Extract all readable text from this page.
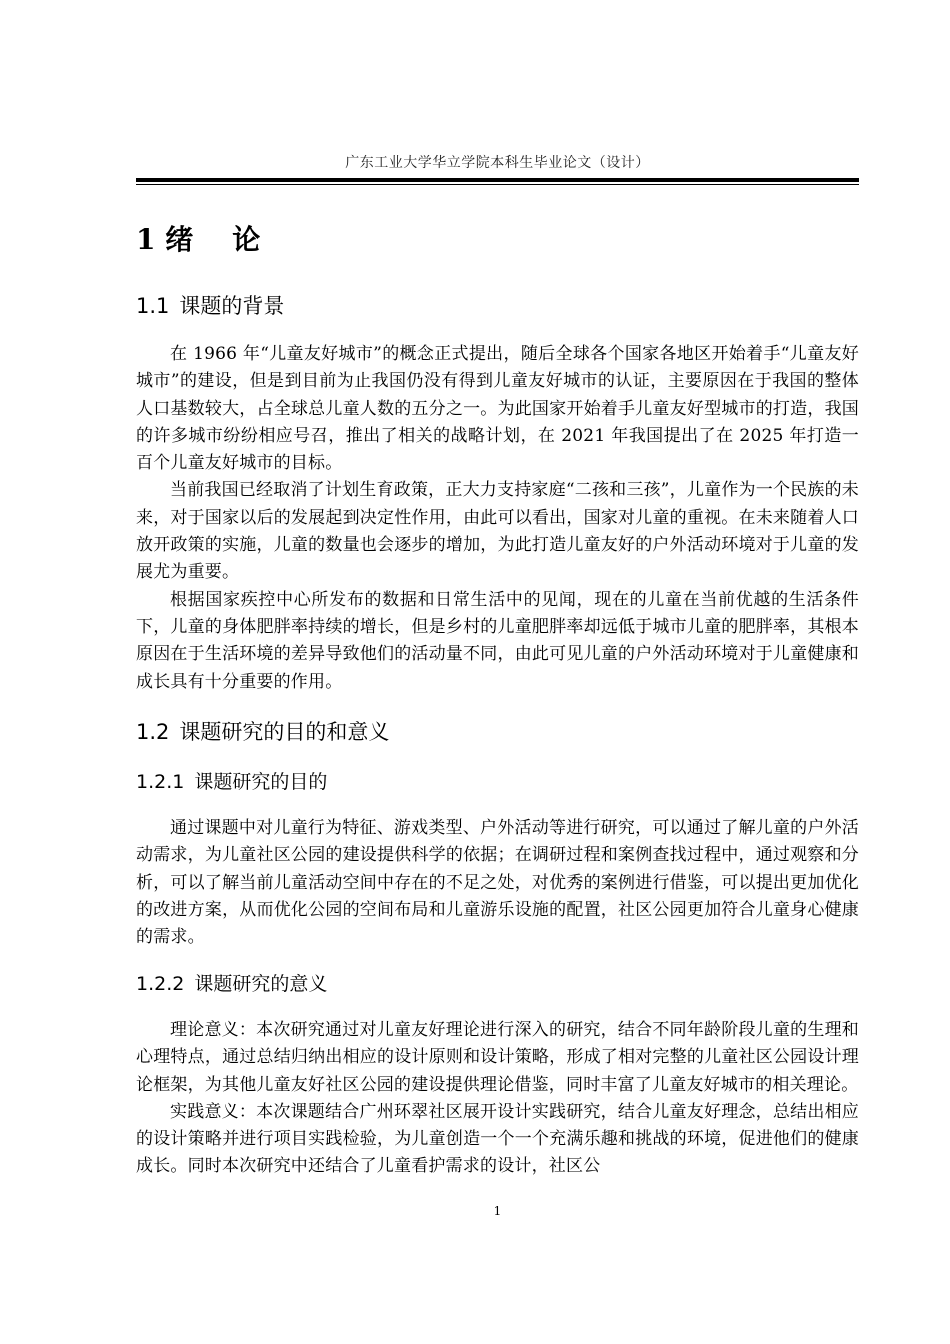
广东工业大学华立学院本科生毕业论文（设计）
1 绪    论
1.1 课题的背景

在 1966 年“儿童友好城市”的概念正式提出，随后全球各个国家各地区开始着手“儿童友好城市”的建设，但是到目前为止我国仍没有得到儿童友好城市的认证，主要原因在于我国的整体人口基数较大，占全球总儿童人数的五分之一。为此国家开始着手儿童友好型城市的打造，我国的许多城市纷纷相应号召，推出了相关的战略计划，在 2021 年我国提出了在 2025 年打造一百个儿童友好城市的目标。

当前我国已经取消了计划生育政策，正大力支持家庭“二孩和三孩”，儿童作为一个民族的未来，对于国家以后的发展起到决定性作用，由此可以看出，国家对儿童的重视。在未来随着人口放开政策的实施，儿童的数量也会逐步的增加，为此打造儿童友好的户外活动环境对于儿童的发展尤为重要。

根据国家疾控中心所发布的数据和日常生活中的见闻，现在的儿童在当前优越的生活条件下，儿童的身体肥胖率持续的增长，但是乡村的儿童肥胖率却远低于城市儿童的肥胖率，其根本原因在于生活环境的差异导致他们的活动量不同，由此可见儿童的户外活动环境对于儿童健康和成长具有十分重要的作用。

1.2 课题研究的目的和意义
1.2.1 课题研究的目的

通过课题中对儿童行为特征、游戏类型、户外活动等进行研究，可以通过了解儿童的户外活动需求，为儿童社区公园的建设提供科学的依据；在调研过程和案例查找过程中，通过观察和分析，可以了解当前儿童活动空间中存在的不足之处，对优秀的案例进行借鉴，可以提出更加优化的改进方案，从而优化公园的空间布局和儿童游乐设施的配置，社区公园更加符合儿童身心健康的需求。

1.2.2 课题研究的意义

理论意义：本次研究通过对儿童友好理论进行深入的研究，结合不同年龄阶段儿童的生理和心理特点，通过总结归纳出相应的设计原则和设计策略，形成了相对完整的儿童社区公园设计理论框架，为其他儿童友好社区公园的建设提供理论借鉴，同时丰富了儿童友好城市的相关理论。

实践意义：本次课题结合广州环翠社区展开设计实践研究，结合儿童友好理念，总结出相应的设计策略并进行项目实践检验，为儿童创造一个一个充满乐趣和挑战的环境，促进他们的健康成长。同时本次研究中还结合了儿童看护需求的设计，社区公

1
